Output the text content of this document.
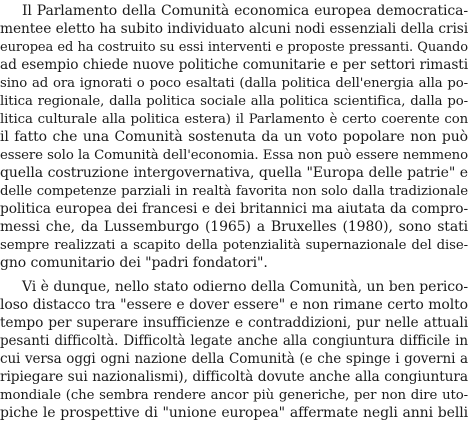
Il Parlamento della Comunità economica europea democratica-
mentee eletto ha subito individuato alcuni nodi essenziali della crisi
europea ed ha costruito su essi interventi e proposte pressanti. Quando
ad esempio chiede nuove politiche comunitarie e per settori rimasti
sino ad ora ignorati o poco esaltati (dalla politica dell'energia alla po-
litica regionale, dalla politica sociale alla politica scientifica, dalla po-
litica culturale alla politica estera) il Parlamento è certo coerente con
il fatto che una Comunità sostenuta da un voto popolare non può
essere solo la Comunità dell'economia. Essa non può essere nemmeno
quella costruzione intergovernativa, quella "Europa delle patrie" e
delle competenze parziali in realtà favorita non solo dalla tradizionale
politica europea dei francesi e dei britannici ma aiutata da compro-
messi che, da Lussemburgo (1965) a Bruxelles (1980), sono stati
sempre realizzati a scapito della potenzialità supernazionale del dise-
gno comunitario dei "padri fondatori".
Vi è dunque, nello stato odierno della Comunità, un ben perico-
loso distacco tra "essere e dover essere" e non rimane certo molto
tempo per superare insufficienze e contraddizioni, pur nelle attuali
pesanti difficoltà. Difficoltà legate anche alla congiuntura difficile in
cui versa oggi ogni nazione della Comunità (e che spinge i governi a
ripiegare sui nazionalismi), difficoltà dovute anche alla congiuntura
mondiale (che sembra rendere ancor più generiche, per non dire uto-
piche le prospettive di "unione europea" affermate negli anni belli
